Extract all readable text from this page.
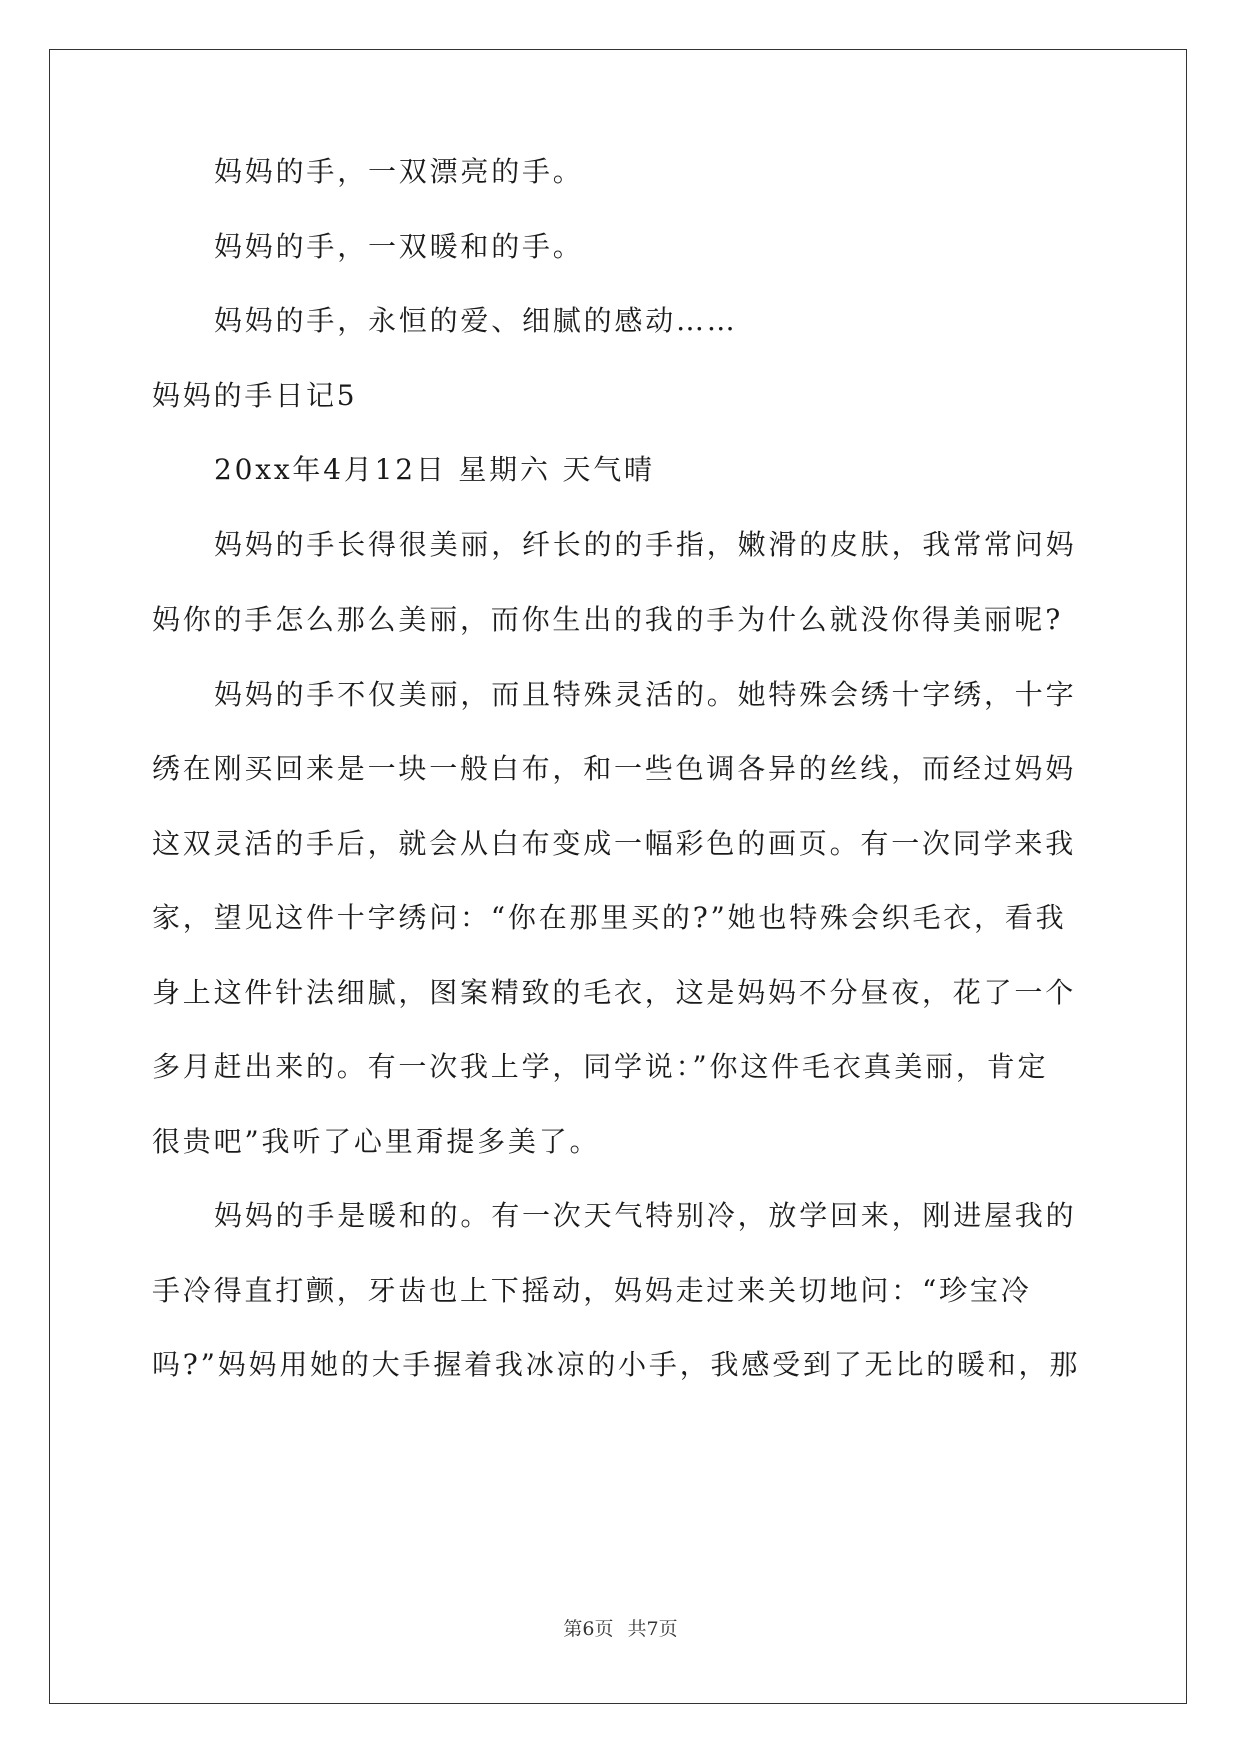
妈妈的手，一双漂亮的手。
妈妈的手，一双暖和的手。
妈妈的手，永恒的爱、细腻的感动……
妈妈的手日记5
20xx年4月12日 星期六 天气晴
妈妈的手长得很美丽，纤长的的手指，嫩滑的皮肤，我常常问妈
妈你的手怎么那么美丽，而你生出的我的手为什么就没你得美丽呢?
妈妈的手不仅美丽，而且特殊灵活的。她特殊会绣十字绣，十字
绣在刚买回来是一块一般白布，和一些色调各异的丝线，而经过妈妈
这双灵活的手后，就会从白布变成一幅彩色的画页。有一次同学来我
家，望见这件十字绣问：“你在那里买的?”她也特殊会织毛衣，看我
身上这件针法细腻，图案精致的毛衣，这是妈妈不分昼夜，花了一个
多月赶出来的。有一次我上学，同学说：”你这件毛衣真美丽，肯定
很贵吧”我听了心里甭提多美了。
妈妈的手是暖和的。有一次天气特别冷，放学回来，刚进屋我的
手冷得直打颤，牙齿也上下摇动，妈妈走过来关切地问：“珍宝冷
吗?”妈妈用她的大手握着我冰凉的小手，我感受到了无比的暖和，那
第6页 共7页
